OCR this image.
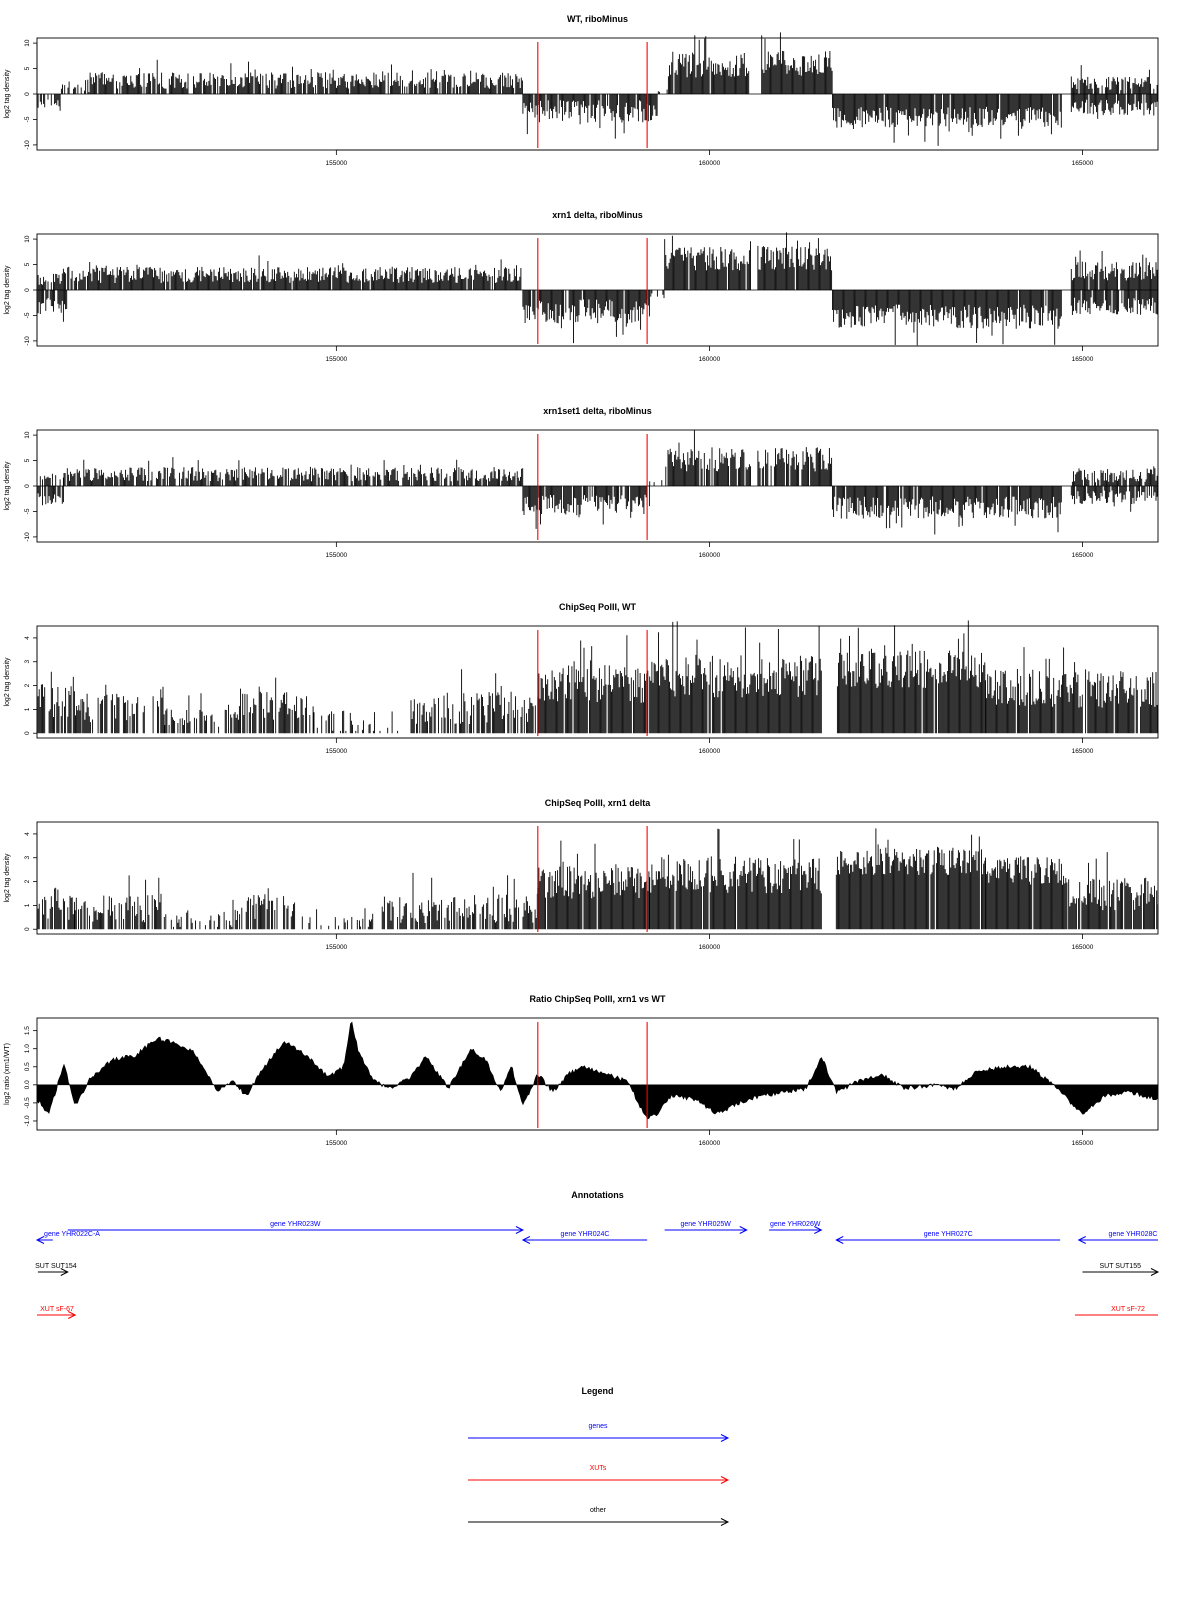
WT, riboMinus
log2 tag density
-10
-5
0
5
10
155000	160000	165000
xrn1 delta, riboMinus
log2 tag density
-10
-5
0
5
10
155000	160000	165000
xrn1set1 delta, riboMinus
log2 tag density
-10
-5
0
5
10
155000	160000	165000
ChipSeq PolII, WT
log2 tag density
0
1
2
3
4
155000	160000	165000
ChipSeq PolII, xrn1 delta
log2 tag density
0
1
2
3
4
155000	160000	165000
Ratio ChipSeq PolII, xrn1 vs WT
log2 ratio (xrn1/WT)
-1.0
-0.5
0.0
0.5
1.0
1.5
155000	160000	165000
Annotations
gene YHR022C-A
gene YHR023W
gene YHR024C
gene YHR025W	gene YHR026W
gene YHR027C	gene YHR028C
SUT SUT154	SUT SUT155
XUT sF-67	XUT sF-72
Legend
genes
XUTs
other
